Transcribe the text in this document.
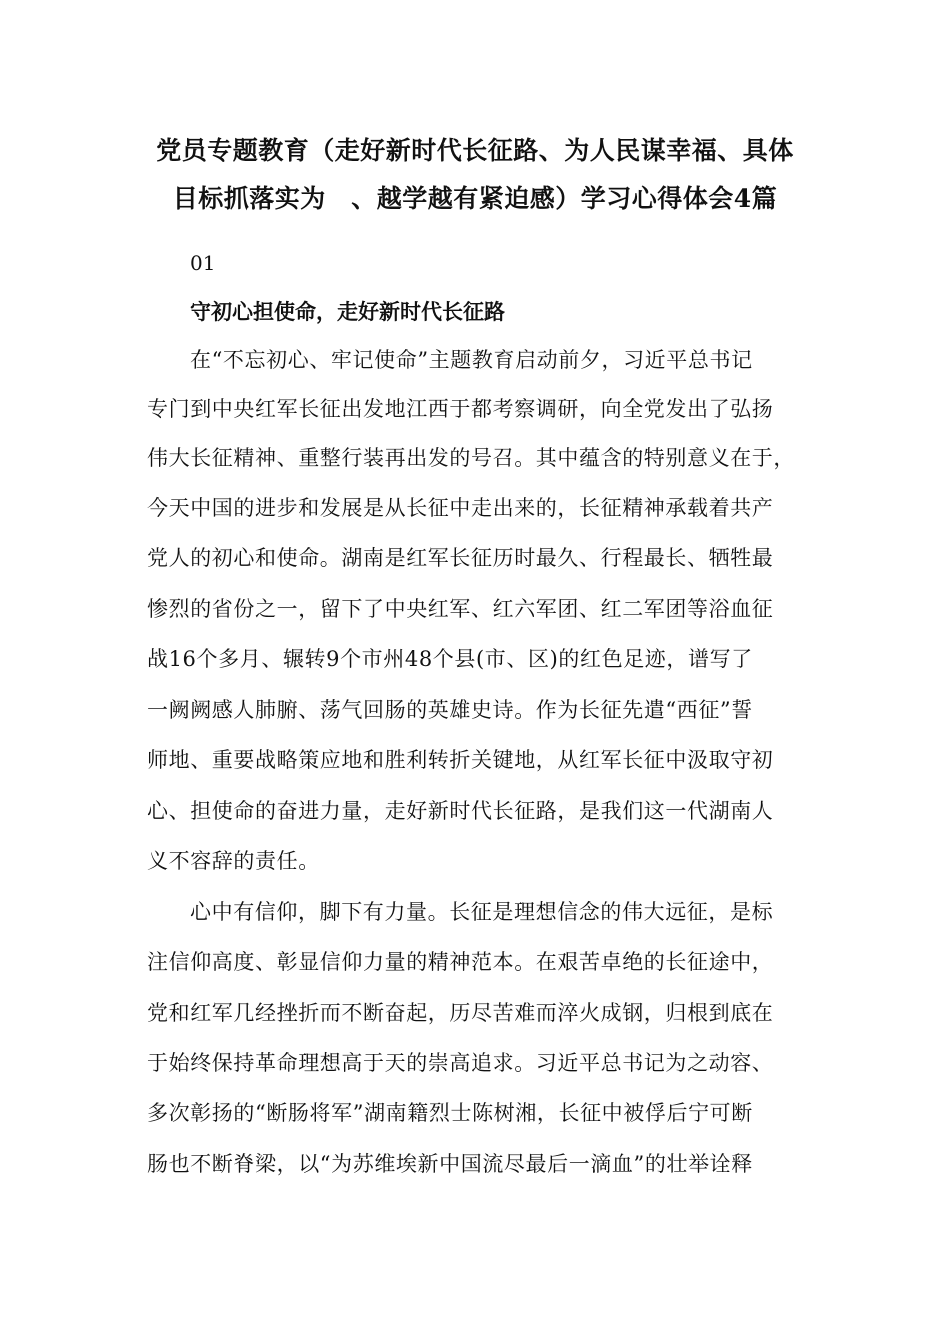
党员专题教育（走好新时代长征路、为人民谋幸福、具体
目标抓落实为　、越学越有紧迫感）学习心得体会4篇
01
守初心担使命，走好新时代长征路
在“不忘初心、牢记使命”主题教育启动前夕，习近平总书记
专门到中央红军长征出发地江西于都考察调研，向全党发出了弘扬
伟大长征精神、重整行装再出发的号召。其中蕴含的特别意义在于，
今天中国的进步和发展是从长征中走出来的，长征精神承载着共产
党人的初心和使命。湖南是红军长征历时最久、行程最长、牺牲最
惨烈的省份之一，留下了中央红军、红六军团、红二军团等浴血征
战16个多月、辗转9个市州48个县(市、区)的红色足迹，谱写了
一阙阙感人肺腑、荡气回肠的英雄史诗。作为长征先遣“西征”誓
师地、重要战略策应地和胜利转折关键地，从红军长征中汲取守初
心、担使命的奋进力量，走好新时代长征路，是我们这一代湖南人
义不容辞的责任。
心中有信仰，脚下有力量。长征是理想信念的伟大远征，是标
注信仰高度、彰显信仰力量的精神范本。在艰苦卓绝的长征途中，
党和红军几经挫折而不断奋起，历尽苦难而淬火成钢，归根到底在
于始终保持革命理想高于天的崇高追求。习近平总书记为之动容、
多次彰扬的“断肠将军”湖南籍烈士陈树湘，长征中被俘后宁可断
肠也不断脊梁，以“为苏维埃新中国流尽最后一滴血”的壮举诠释
